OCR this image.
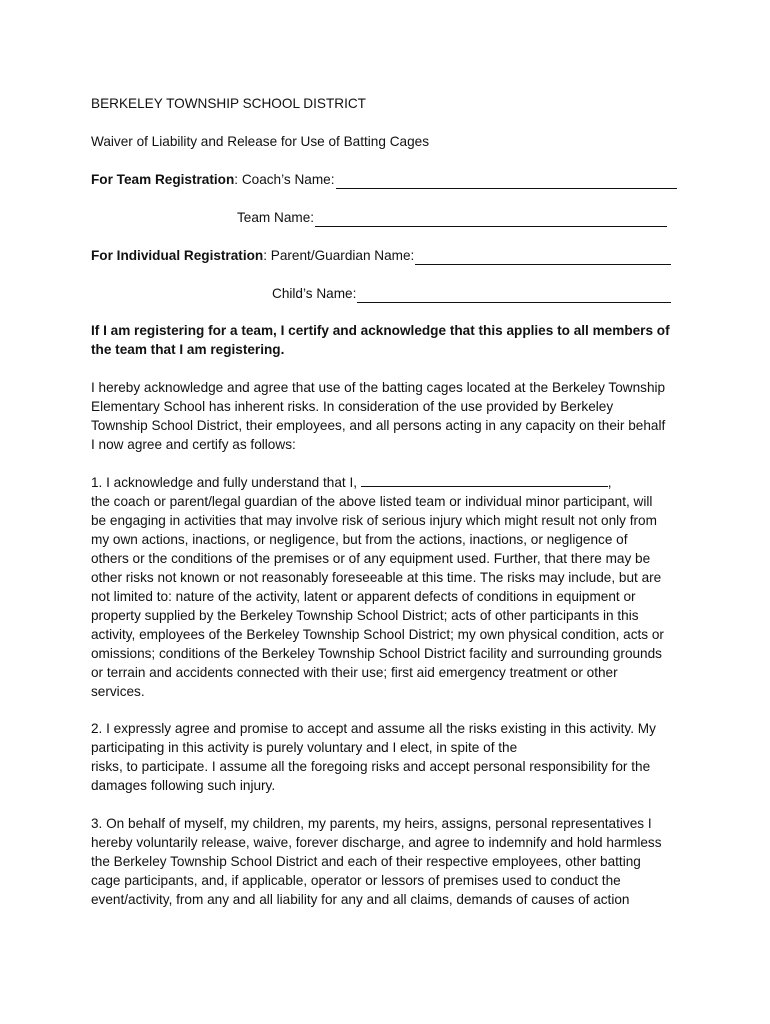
BERKELEY TOWNSHIP SCHOOL DISTRICT
Waiver of Liability and Release for Use of Batting Cages
For Team Registration :
Coach’s Name:
Team Name:
For Individual Registration :
Parent/Guardian Name:
Child’s Name:
If I am registering for a team, I certify and acknowledge that this applies to all members of the team that I am registering.

I hereby acknowledge and agree that use of the batting cages located at the Berkeley Township

Elementary School has inherent risks. In consideration of the use provided by Berkeley

Township School District, their employees, and all persons acting in any capacity on their behalf

I now agree and certify as follows:

1. I acknowledge and fully understand that I,	,

the coach or parent/legal guardian of the above listed team or individual minor participant, will

be engaging in activities that may involve risk of serious injury which might result not only from

my own actions, inactions, or negligence, but from the actions, inactions, or negligence of

others or the conditions of the premises or of any equipment used. Further, that there may be

other risks not known or not reasonably foreseeable at this time. The risks may include, but are

not limited to: nature of the activity, latent or apparent defects of conditions in equipment or

property supplied by the Berkeley Township School District; acts of other participants in this

activity, employees of the Berkeley Township School District; my own physical condition, acts or

omissions; conditions of the Berkeley Township School District facility and surrounding grounds

or terrain and accidents connected with their use; first aid emergency treatment or other

services.

2. I expressly agree and promise to accept and assume all the risks existing in this activity. My

participating in this activity is purely voluntary and I elect, in spite of the

risks, to participate. I assume all the foregoing risks and accept personal responsibility for the

damages following such injury.

3. On behalf of myself, my children, my parents, my heirs, assigns, personal representatives I

hereby voluntarily release, waive, forever discharge, and agree to indemnify and hold harmless

the Berkeley Township School District and each of their respective employees, other batting

cage participants, and, if applicable, operator or lessors of premises used to conduct the

event/activity, from any and all liability for any and all claims, demands of causes of action
